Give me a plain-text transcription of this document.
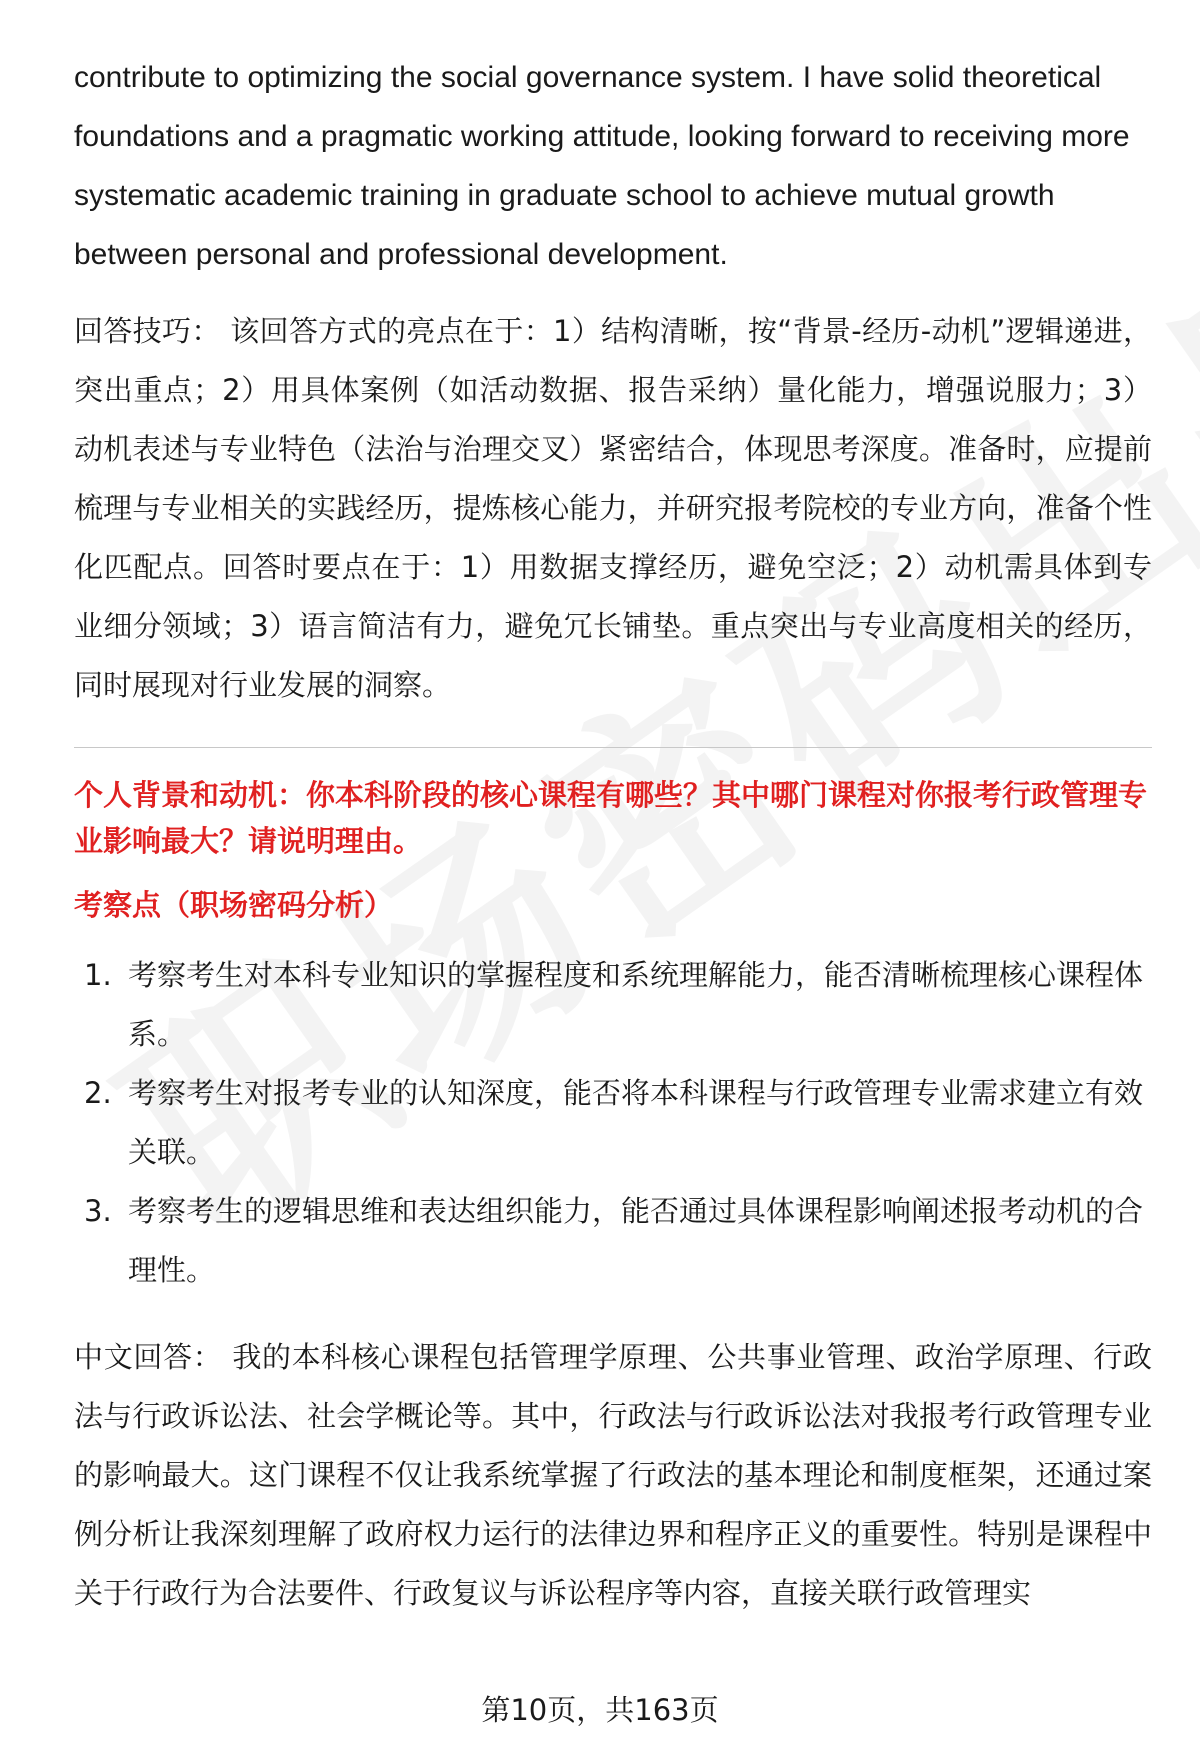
contribute to optimizing the social governance system. I have solid theoretical foundations and a pragmatic working attitude, looking forward to receiving more systematic academic training in graduate school to achieve mutual growth between personal and professional development.

回答技巧： 该回答方式的亮点在于：1）结构清晰，按“背景-经历-动机”逻辑递进，突出重点；2）用具体案例（如活动数据、报告采纳）量化能力，增强说服力；3）动机表述与专业特色（法治与治理交叉）紧密结合，体现思考深度。准备时，应提前梳理与专业相关的实践经历，提炼核心能力，并研究报考院校的专业方向，准备个性化匹配点。回答时要点在于：1）用数据支撑经历，避免空泛；2）动机需具体到专业细分领域；3）语言简洁有力，避免冗长铺垫。重点突出与专业高度相关的经历，同时展现对行业发展的洞察。

个人背景和动机：你本科阶段的核心课程有哪些？其中哪门课程对你报考行政管理专业影响最大？请说明理由。

考察点（职场密码分析）

1. 考察考生对本科专业知识的掌握程度和系统理解能力，能否清晰梳理核心课程体系。
2. 考察考生对报考专业的认知深度，能否将本科课程与行政管理专业需求建立有效关联。
3. 考察考生的逻辑思维和表达组织能力，能否通过具体课程影响阐述报考动机的合理性。

中文回答： 我的本科核心课程包括管理学原理、公共事业管理、政治学原理、行政法与行政诉讼法、社会学概论等。其中，行政法与行政诉讼法对我报考行政管理专业的影响最大。这门课程不仅让我系统掌握了行政法的基本理论和制度框架，还通过案例分析让我深刻理解了政府权力运行的法律边界和程序正义的重要性。特别是课程中关于行政行为合法要件、行政复议与诉讼程序等内容，直接关联行政管理实

第10页，共163页
